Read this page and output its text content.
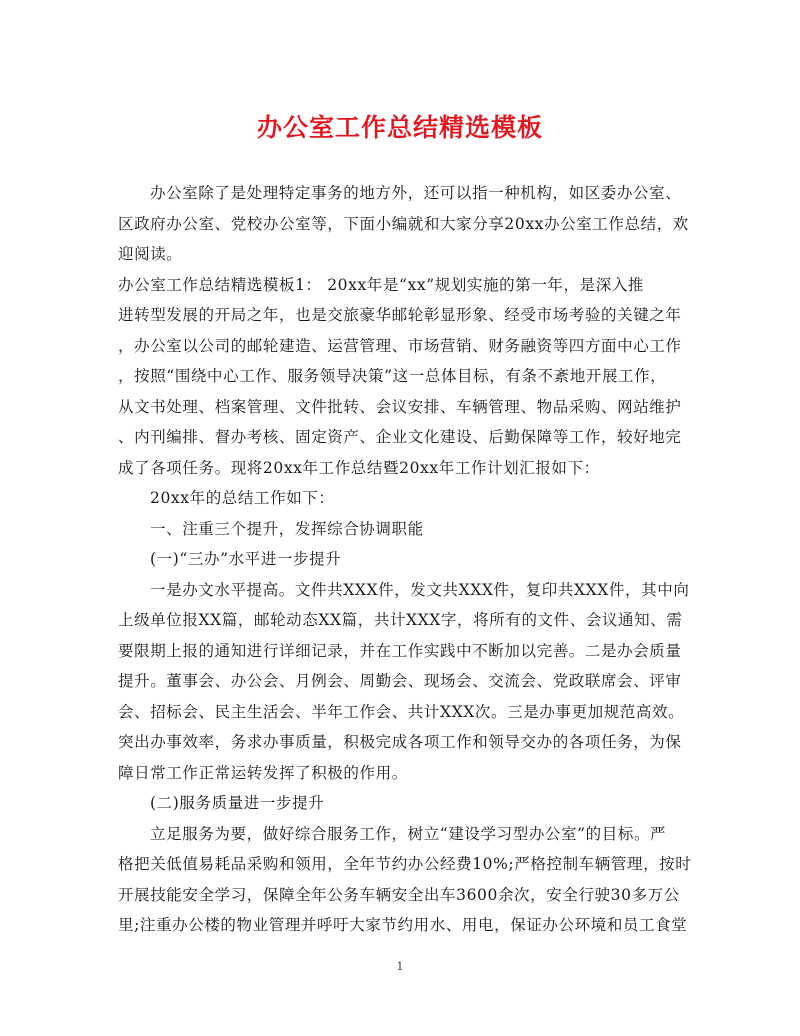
办公室工作总结精选模板
办公室除了是处理特定事务的地方外，还可以指一种机构，如区委办公室、
区政府办公室、党校办公室等，下面小编就和大家分享20xx办公室工作总结，欢
迎阅读。
办公室工作总结精选模板1： 20xx年是“xx”规划实施的第一年，是深入推
进转型发展的开局之年，也是交旅豪华邮轮彰显形象、经受市场考验的关键之年
，办公室以公司的邮轮建造、运营管理、市场营销、财务融资等四方面中心工作
，按照“围绕中心工作、服务领导决策”这一总体目标，有条不紊地开展工作，
从文书处理、档案管理、文件批转、会议安排、车辆管理、物品采购、网站维护
、内刊编排、督办考核、固定资产、企业文化建设、后勤保障等工作，较好地完
成了各项任务。现将20xx年工作总结暨20xx年工作计划汇报如下：
20xx年的总结工作如下：
一、注重三个提升，发挥综合协调职能
(一)“三办”水平进一步提升
一是办文水平提高。文件共XXX件，发文共XXX件，复印共XXX件，其中向
上级单位报XX篇，邮轮动态XX篇，共计XXX字，将所有的文件、会议通知、需
要限期上报的通知进行详细记录，并在工作实践中不断加以完善。二是办会质量
提升。董事会、办公会、月例会、周勤会、现场会、交流会、党政联席会、评审
会、招标会、民主生活会、半年工作会、共计XXX次。三是办事更加规范高效。
突出办事效率，务求办事质量，积极完成各项工作和领导交办的各项任务，为保
障日常工作正常运转发挥了积极的作用。
(二)服务质量进一步提升
立足服务为要，做好综合服务工作，树立“建设学习型办公室”的目标。严
格把关低值易耗品采购和领用，全年节约办公经费10%;严格控制车辆管理，按时
开展技能安全学习，保障全年公务车辆安全出车3600余次，安全行驶30多万公
里;注重办公楼的物业管理并呼吁大家节约用水、用电，保证办公环境和员工食堂
1
